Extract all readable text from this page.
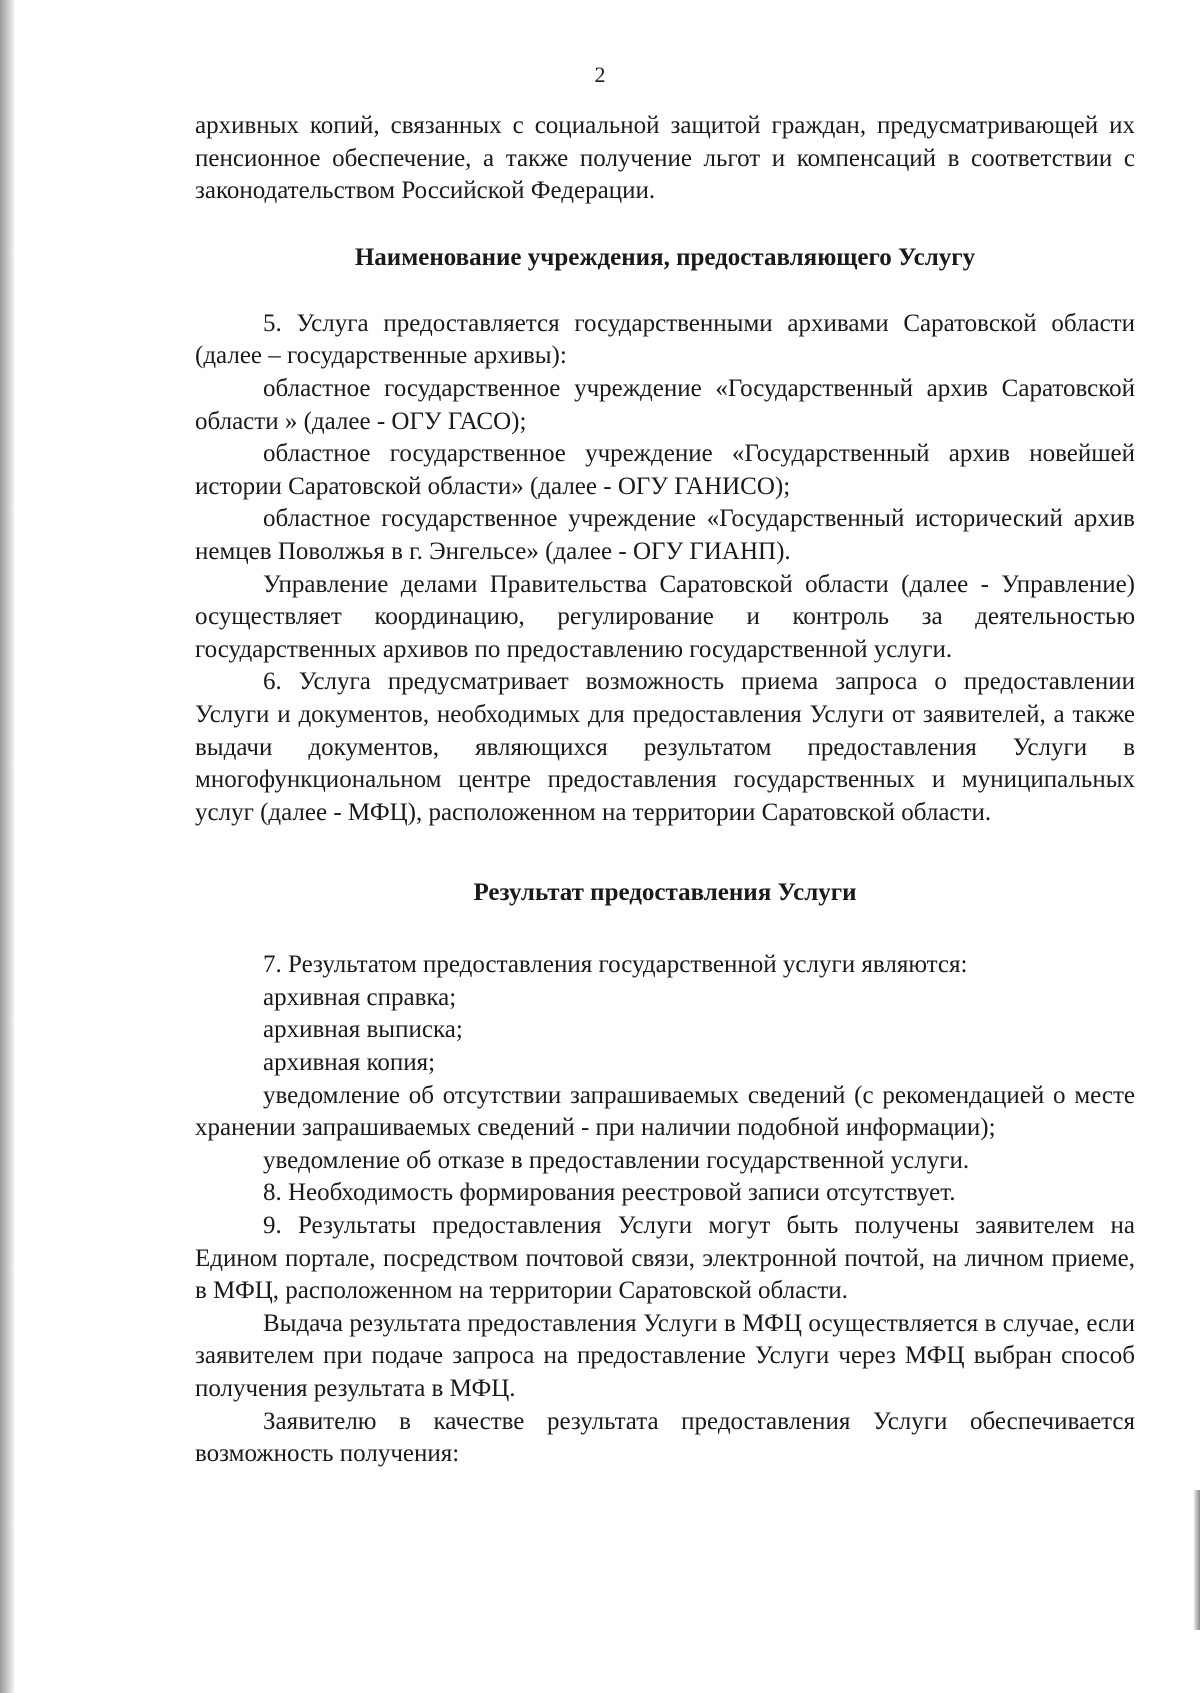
2

архивных копий, связанных с социальной защитой граждан, предусматривающей их пенсионное обеспечение, а также получение льгот и компенсаций в соответствии с законодательством Российской Федерации.

Наименование учреждения, предоставляющего Услугу

5. Услуга предоставляется государственными архивами Саратовской области (далее – государственные архивы):

областное государственное учреждение «Государственный архив Саратовской области » (далее - ОГУ ГАСО);

областное государственное учреждение «Государственный архив новейшей истории Саратовской области» (далее - ОГУ ГАНИСО);

областное государственное учреждение «Государственный исторический архив немцев Поволжья в г. Энгельсе» (далее - ОГУ ГИАНП).

Управление делами Правительства Саратовской области (далее - Управление) осуществляет координацию, регулирование и контроль за деятельностью государственных архивов по предоставлению государственной услуги.

6. Услуга предусматривает возможность приема запроса о предоставлении Услуги и документов, необходимых для предоставления Услуги от заявителей, а также выдачи документов, являющихся результатом предоставления Услуги в многофункциональном центре предоставления государственных и муниципальных услуг (далее - МФЦ), расположенном на территории Саратовской области.

Результат предоставления Услуги

7. Результатом предоставления государственной услуги являются:

архивная справка;

архивная выписка;

архивная копия;

уведомление об отсутствии запрашиваемых сведений (с рекомендацией о месте хранении запрашиваемых сведений - при наличии подобной информации);

уведомление об отказе в предоставлении государственной услуги.

8. Необходимость формирования реестровой записи отсутствует.

9. Результаты предоставления Услуги могут быть получены заявителем на Едином портале, посредством почтовой связи, электронной почтой, на личном приеме, в МФЦ, расположенном на территории Саратовской области.

Выдача результата предоставления Услуги в МФЦ осуществляется в случае, если заявителем при подаче запроса на предоставление Услуги через МФЦ выбран способ получения результата в МФЦ.

Заявителю в качестве результата предоставления Услуги обеспечивается возможность получения:
